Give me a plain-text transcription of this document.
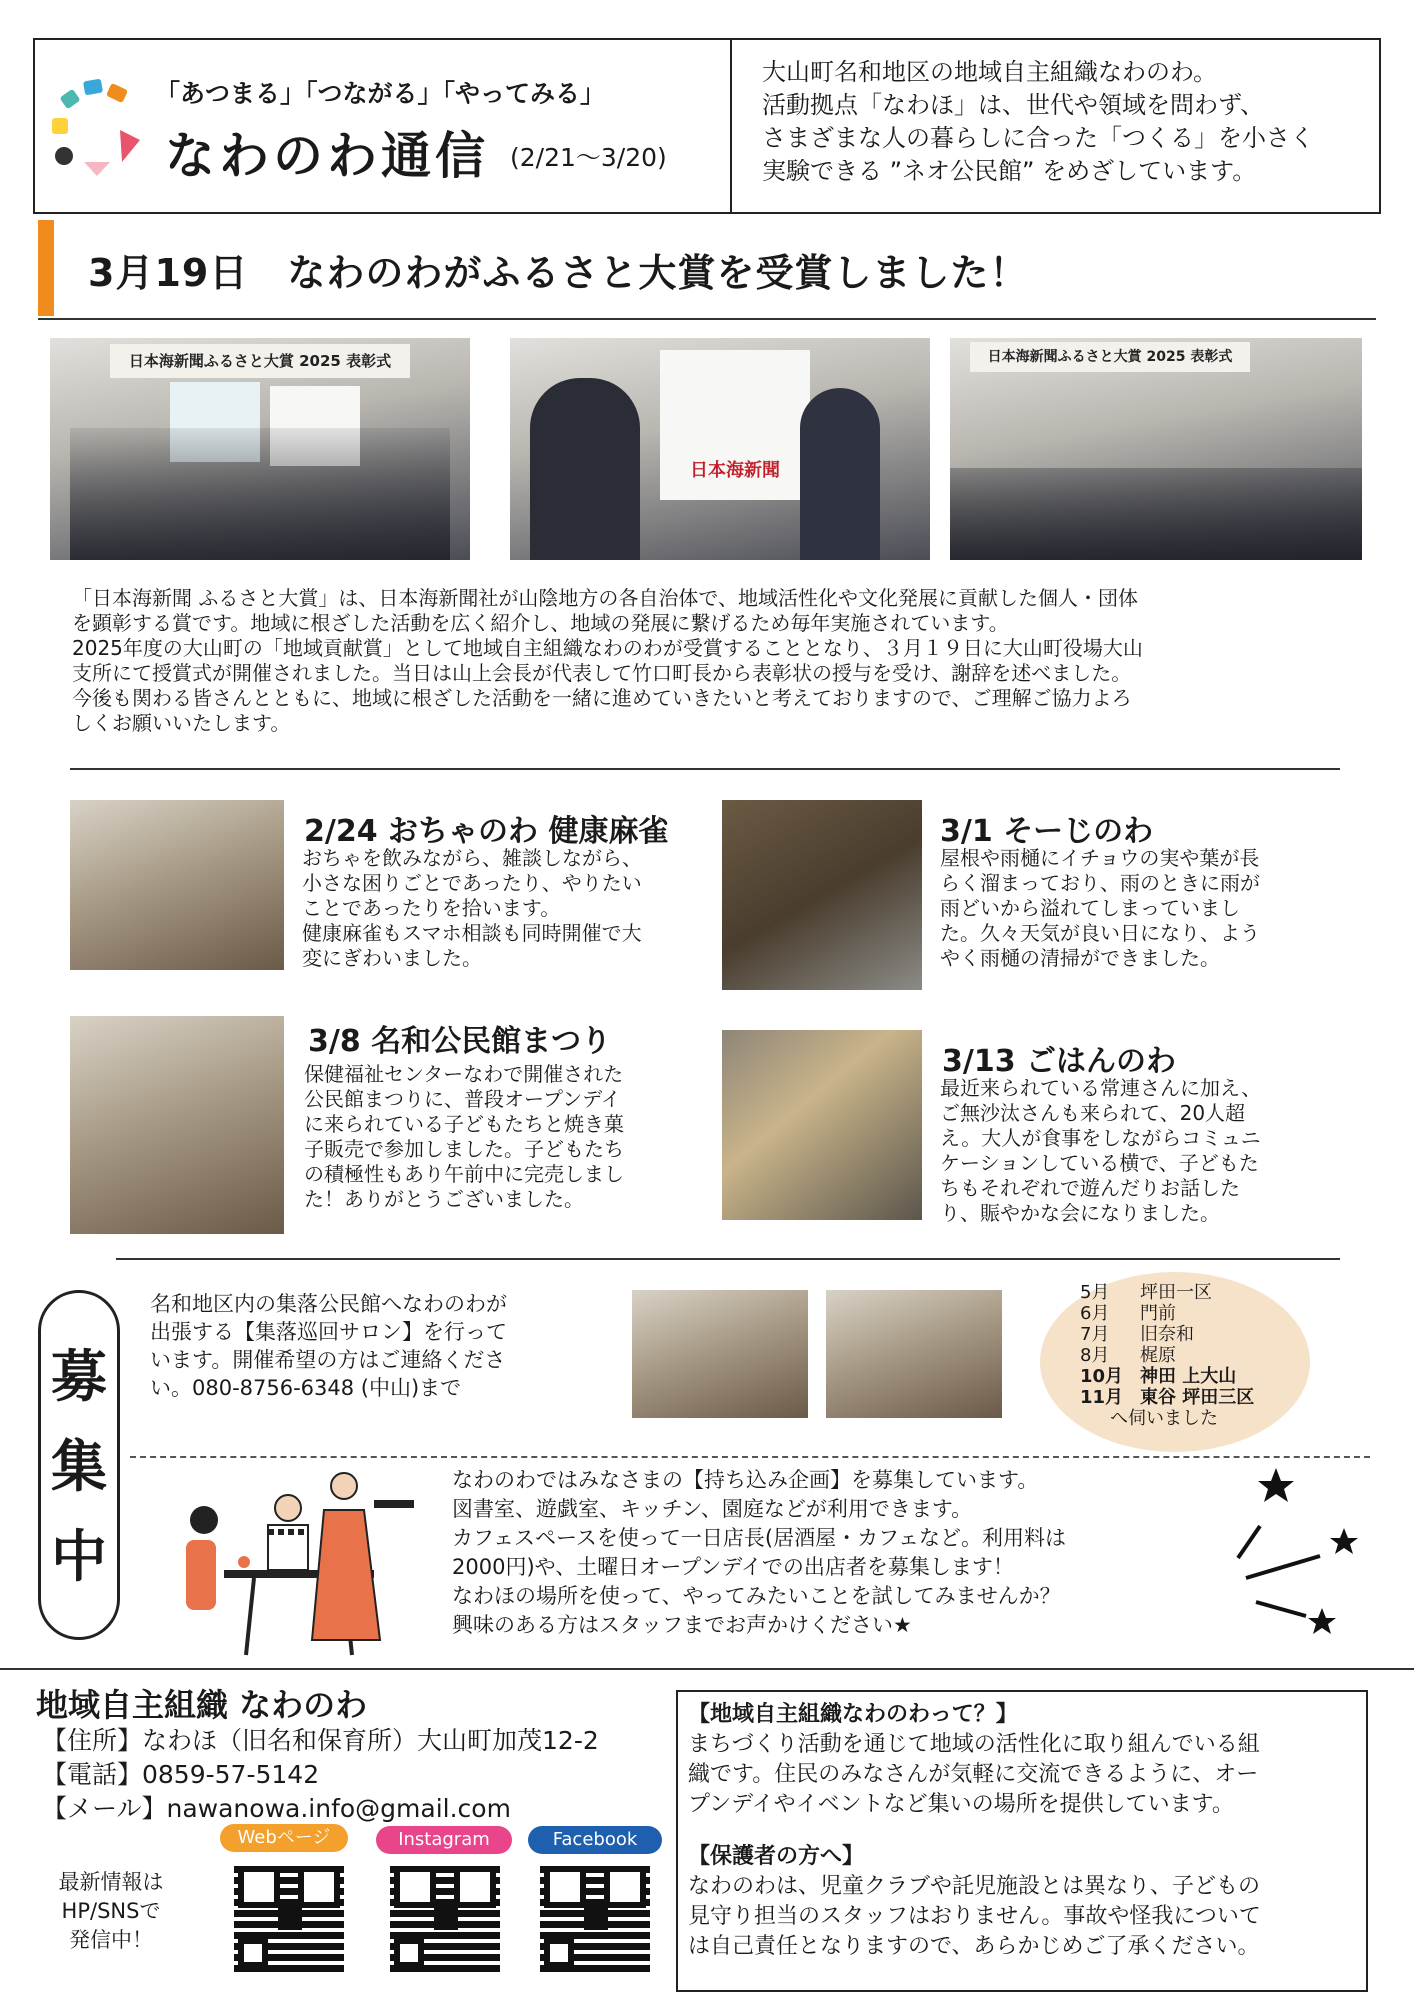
「あつまる」「つながる」「やってみる」
なわのわ通信 (2/21〜3/20)
大山町名和地区の地域自主組織なわのわ。
活動拠点「なわほ」は、世代や領域を問わず、
さまざまな人の暮らしに合った「つくる」を小さく
実験できる ”ネオ公民館” をめざしています。
3月19日　なわのわがふるさと大賞を受賞しました！
日本海新聞ふるさと大賞 2025 表彰式
日本海新聞
日本海新聞ふるさと大賞 2025 表彰式
「日本海新聞 ふるさと大賞」は、日本海新聞社が山陰地方の各自治体で、地域活性化や文化発展に貢献した個人・団体
を顕彰する賞です。地域に根ざした活動を広く紹介し、地域の発展に繋げるため毎年実施されています。
2025年度の大山町の「地域貢献賞」として地域自主組織なわのわが受賞することとなり、３月１９日に大山町役場大山
支所にて授賞式が開催されました。当日は山上会長が代表して竹口町長から表彰状の授与を受け、謝辞を述べました。
今後も関わる皆さんとともに、地域に根ざした活動を一緒に進めていきたいと考えておりますので、ご理解ご協力よろ
しくお願いいたします。
2/24 おちゃのわ 健康麻雀
おちゃを飲みながら、雑談しながら、
小さな困りごとであったり、やりたい
ことであったりを拾います。
健康麻雀もスマホ相談も同時開催で大
変にぎわいました。
3/1 そーじのわ
屋根や雨樋にイチョウの実や葉が長
らく溜まっており、雨のときに雨が
雨どいから溢れてしまっていまし
た。久々天気が良い日になり、よう
やく雨樋の清掃ができました。
3/8 名和公民館まつり
保健福祉センターなわで開催された
公民館まつりに、普段オープンデイ
に来られている子どもたちと焼き菓
子販売で参加しました。子どもたち
の積極性もあり午前中に完売しまし
た！ありがとうございました。
3/13 ごはんのわ
最近来られている常連さんに加え、
ご無沙汰さんも来られて、20人超
え。大人が食事をしながらコミュニ
ケーションしている横で、子どもた
ちもそれぞれで遊んだりお話した
り、賑やかな会になりました。
募
集
中
名和地区内の集落公民館へなわのわが
出張する【集落巡回サロン】を行って
います。開催希望の方はご連絡くださ
い。080-8756-6348 (中山)まで
5月 坪田一区
6月 門前
7月 旧奈和
8月 梶原
10月 神田 上大山
11月 東谷 坪田三区
へ伺いました
なわのわではみなさまの【持ち込み企画】を募集しています。
図書室、遊戯室、キッチン、園庭などが利用できます。
カフェスペースを使って一日店長(居酒屋・カフェなど。利用料は
2000円)や、土曜日オープンデイでの出店者を募集します！
なわほの場所を使って、やってみたいことを試してみませんか？
興味のある方はスタッフまでお声かけください★
地域自主組織 なわのわ
【住所】なわほ（旧名和保育所）大山町加茂12-2
【電話】0859-57-5142
【メール】nawanowa.info@gmail.com
最新情報は
HP/SNSで
発信中！
Webページ	Instagram	Facebook
【地域自主組織なわのわって？】
まちづくり活動を通じて地域の活性化に取り組んでいる組
織です。住民のみなさんが気軽に交流できるように、オー
プンデイやイベントなど集いの場所を提供しています。
【保護者の方へ】
なわのわは、児童クラブや託児施設とは異なり、子どもの
見守り担当のスタッフはおりません。事故や怪我について
は自己責任となりますので、あらかじめご了承ください。
